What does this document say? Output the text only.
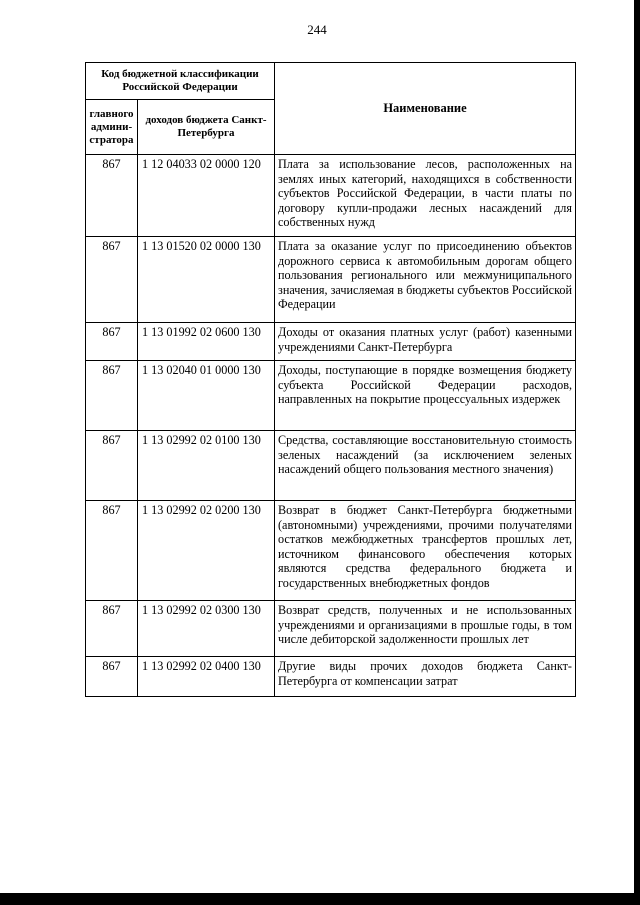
244
Код бюджетной классификации Российской Федерации		Наименование
главного админи-стратора	доходов бюджета Санкт-Петербурга	
867	1 12 04033 02 0000 120	Плата за использование лесов, расположенных на землях иных категорий, находящихся в собственности субъектов Российской Федерации, в части платы по договору купли-продажи лесных насаждений для собственных нужд
867	1 13 01520 02 0000 130	Плата за оказание услуг по присоединению объектов дорожного сервиса к автомобильным дорогам общего пользования регионального или межмуниципального значения, зачисляемая в бюджеты субъектов Российской Федерации
867	1 13 01992 02 0600 130	Доходы от оказания платных услуг (работ) казенными учреждениями Санкт-Петербурга
867	1 13 02040 01 0000 130	Доходы, поступающие в порядке возмещения бюджету субъекта Российской Федерации расходов, направленных на покрытие процессуальных издержек
867	1 13 02992 02 0100 130	Средства, составляющие восстановительную стоимость зеленых насаждений (за исключением зеленых насаждений общего пользования местного значения)
867	1 13 02992 02 0200 130	Возврат в бюджет Санкт-Петербурга бюджетными (автономными) учреждениями, прочими получателями остатков межбюджетных трансфертов прошлых лет, источником финансового обеспечения которых являются средства федерального бюджета и государственных внебюджетных фондов
867	1 13 02992 02 0300 130	Возврат средств, полученных и не использованных учреждениями и организациями в прошлые годы, в том числе дебиторской задолженности прошлых лет
867	1 13 02992 02 0400 130	Другие виды прочих доходов бюджета Санкт-Петербурга от компенсации затрат
